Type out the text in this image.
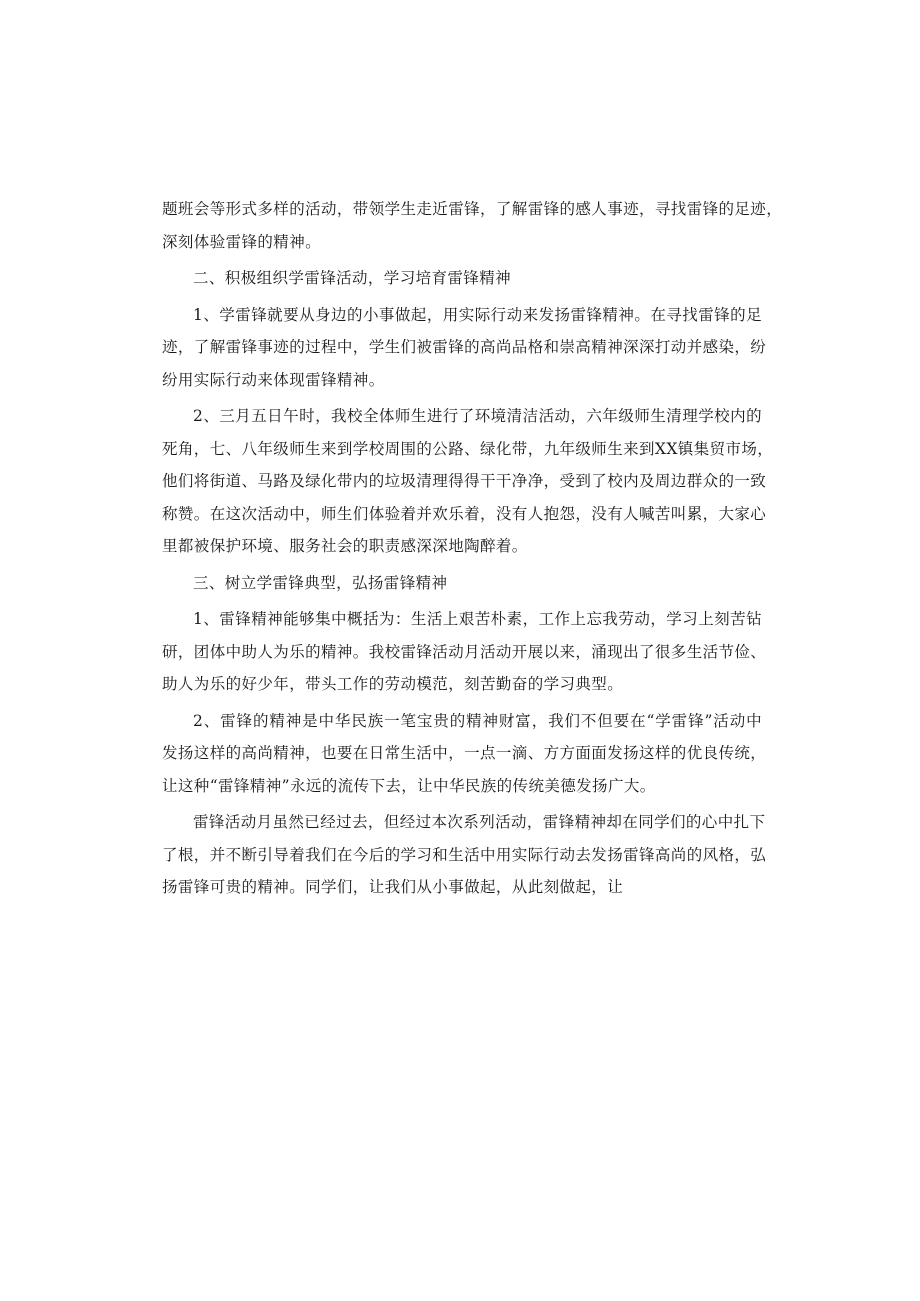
题班会等形式多样的活动，带领学生走近雷锋，了解雷锋的感人事迹，寻找雷锋的足迹，
深刻体验雷锋的精神。

二、积极组织学雷锋活动，学习培育雷锋精神

1、学雷锋就要从身边的小事做起，用实际行动来发扬雷锋精神。在寻找雷锋的足
迹，了解雷锋事迹的过程中，学生们被雷锋的高尚品格和崇高精神深深打动并感染，纷
纷用实际行动来体现雷锋精神。

2、三月五日午时，我校全体师生进行了环境清洁活动，六年级师生清理学校内的
死角，七、八年级师生来到学校周围的公路、绿化带，九年级师生来到XX镇集贸市场，
他们将街道、马路及绿化带内的垃圾清理得得干干净净，受到了校内及周边群众的一致
称赞。在这次活动中，师生们体验着并欢乐着，没有人抱怨，没有人喊苦叫累，大家心
里都被保护环境、服务社会的职责感深深地陶醉着。

三、树立学雷锋典型，弘扬雷锋精神

1、雷锋精神能够集中概括为：生活上艰苦朴素，工作上忘我劳动，学习上刻苦钻
研，团体中助人为乐的精神。我校雷锋活动月活动开展以来，涌现出了很多生活节俭、
助人为乐的好少年，带头工作的劳动模范，刻苦勤奋的学习典型。

2、雷锋的精神是中华民族一笔宝贵的精神财富，我们不但要在“学雷锋”活动中
发扬这样的高尚精神，也要在日常生活中，一点一滴、方方面面发扬这样的优良传统，
让这种“雷锋精神”永远的流传下去，让中华民族的传统美德发扬广大。

雷锋活动月虽然已经过去，但经过本次系列活动，雷锋精神却在同学们的心中扎下
了根，并不断引导着我们在今后的学习和生活中用实际行动去发扬雷锋高尚的风格，弘
扬雷锋可贵的精神。同学们，让我们从小事做起，从此刻做起，让
